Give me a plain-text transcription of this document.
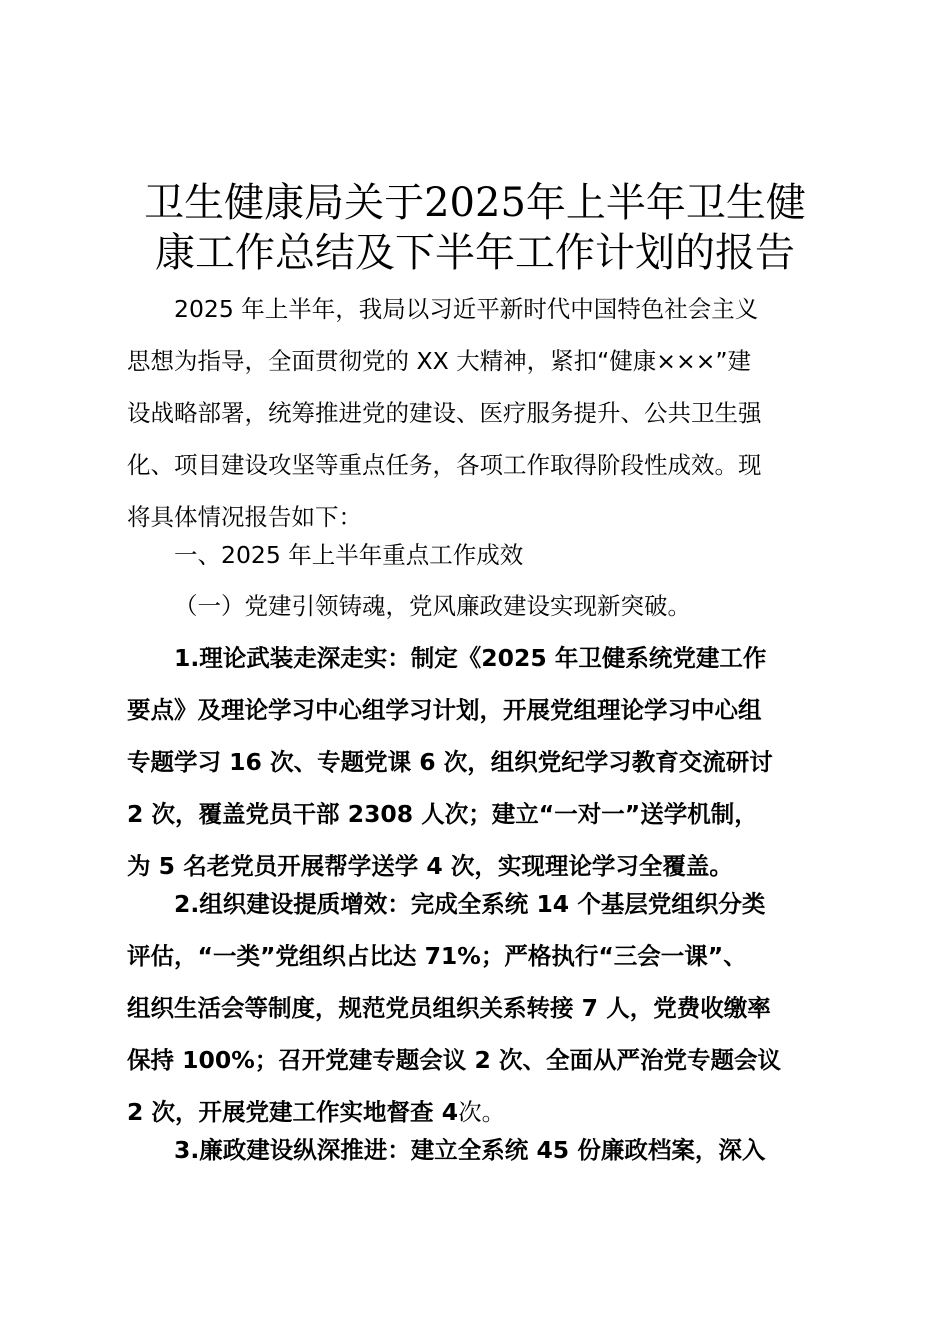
卫生健康局关于2025年上半年卫生健
康工作总结及下半年工作计划的报告

2025 年上半年，我局以习近平新时代中国特色社会主义
思想为指导，全面贯彻党的 XX 大精神，紧扣“健康×××”建
设战略部署，统筹推进党的建设、医疗服务提升、公共卫生强
化、项目建设攻坚等重点任务，各项工作取得阶段性成效。现
将具体情况报告如下：

一、2025 年上半年重点工作成效

（一）党建引领铸魂，党风廉政建设实现新突破。

1.理论武装走深走实：制定《2025 年卫健系统党建工作
要点》及理论学习中心组学习计划，开展党组理论学习中心组
专题学习 16 次、专题党课 6 次，组织党纪学习教育交流研讨
2 次，覆盖党员干部 2308 人次；建立“一对一”送学机制，
为 5 名老党员开展帮学送学 4 次，实现理论学习全覆盖。

2.组织建设提质增效：完成全系统 14 个基层党组织分类
评估，“一类”党组织占比达 71%；严格执行“三会一课”、
组织生活会等制度，规范党员组织关系转接 7 人，党费收缴率
保持 100%；召开党建专题会议 2 次、全面从严治党专题会议
2 次，开展党建工作实地督查 4次。

3.廉政建设纵深推进：建立全系统 45 份廉政档案，深入
